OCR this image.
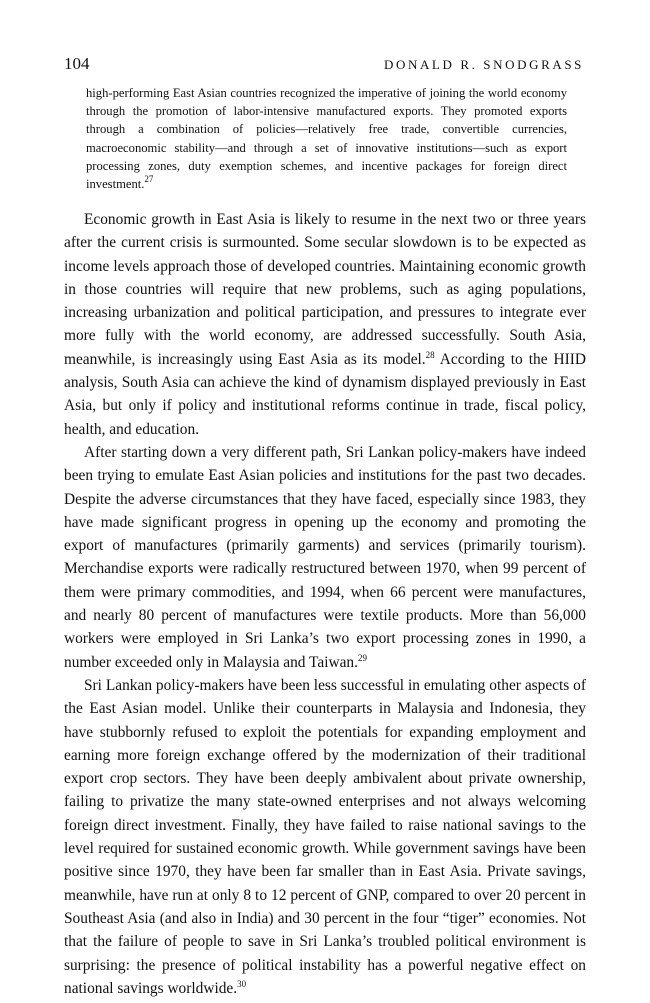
104	DONALD R. SNODGRASS
high-performing East Asian countries recognized the imperative of joining the world economy through the promotion of labor-intensive manufactured exports. They promoted exports through a combination of policies—relatively free trade, convertible currencies, macroeconomic stability—and through a set of innovative institutions—such as export processing zones, duty exemption schemes, and incentive packages for foreign direct investment.$^{27}$

Economic growth in East Asia is likely to resume in the next two or three years after the current crisis is surmounted. Some secular slowdown is to be expected as income levels approach those of developed countries. Maintaining economic growth in those countries will require that new problems, such as aging populations, increasing urbanization and political participation, and pressures to integrate ever more fully with the world economy, are addressed successfully. South Asia, meanwhile, is increasingly using East Asia as its model.$^{28}$ According to the HIID analysis, South Asia can achieve the kind of dynamism displayed previously in East Asia, but only if policy and institutional reforms continue in trade, fiscal policy, health, and education.

After starting down a very different path, Sri Lankan policy-makers have indeed been trying to emulate East Asian policies and institutions for the past two decades. Despite the adverse circumstances that they have faced, especially since 1983, they have made significant progress in opening up the economy and promoting the export of manufactures (primarily garments) and services (primarily tourism). Merchandise exports were radically restructured between 1970, when 99 percent of them were primary commodities, and 1994, when 66 percent were manufactures, and nearly 80 percent of manufactures were textile products. More than 56,000 workers were employed in Sri Lanka’s two export processing zones in 1990, a number exceeded only in Malaysia and Taiwan.$^{29}$

Sri Lankan policy-makers have been less successful in emulating other aspects of the East Asian model. Unlike their counterparts in Malaysia and Indonesia, they have stubbornly refused to exploit the potentials for expanding employment and earning more foreign exchange offered by the modernization of their traditional export crop sectors. They have been deeply ambivalent about private ownership, failing to privatize the many state-owned enterprises and not always welcoming foreign direct investment. Finally, they have failed to raise national savings to the level required for sustained economic growth. While government savings have been positive since 1970, they have been far smaller than in East Asia. Private savings, meanwhile, have run at only 8 to 12 percent of GNP, compared to over 20 percent in Southeast Asia (and also in India) and 30 percent in the four “tiger” economies. Not that the failure of people to save in Sri Lanka’s troubled political environment is surprising: the presence of political instability has a powerful negative effect on national savings worldwide.$^{30}$
